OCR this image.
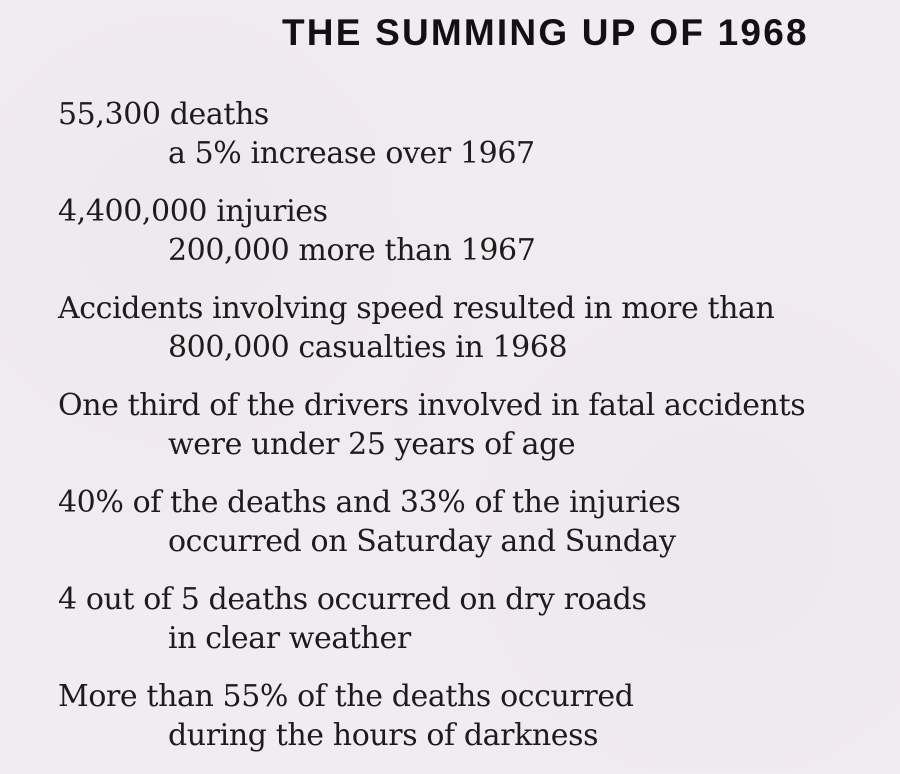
THE SUMMING UP OF 1968
55,300 deaths
a 5% increase over 1967
4,400,000 injuries
200,000 more than 1967
Accidents involving speed resulted in more than
800,000 casualties in 1968
One third of the drivers involved in fatal accidents
were under 25 years of age
40% of the deaths and 33% of the injuries
occurred on Saturday and Sunday
4 out of 5 deaths occurred on dry roads
in clear weather
More than 55% of the deaths occurred
during the hours of darkness
